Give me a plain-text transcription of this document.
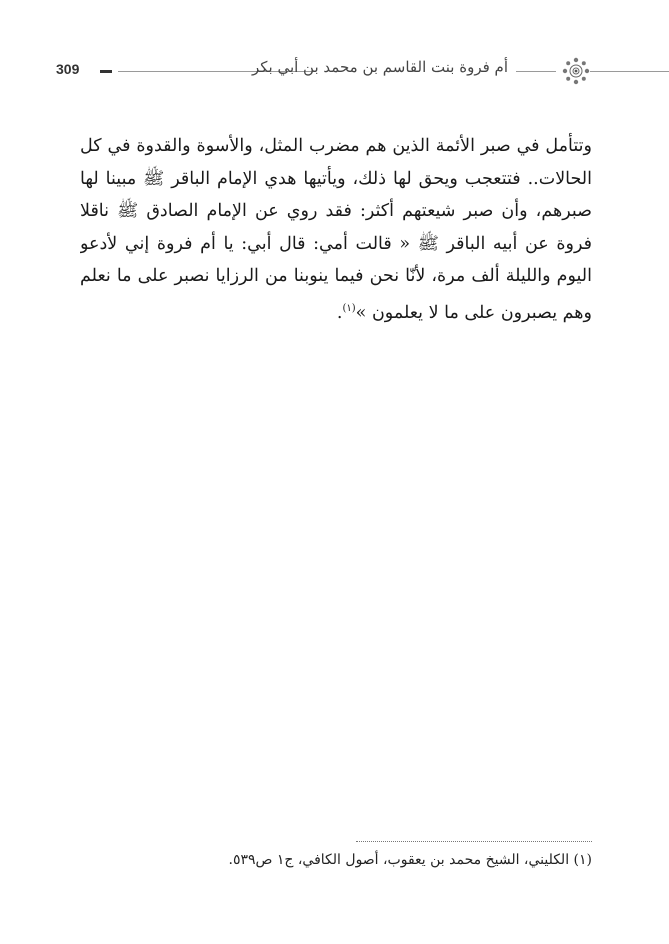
309	أم فروة بنت القاسم بن محمد بن أبي بكر
وتتأمل في صبر الأئمة الذين هم مضرب المثل، والأسوة والقدوة في كل
الحالات.. فتتعجب ويحق لها ذلك، ويأتيها هدي الإمام الباقر ﷺ مبينا لها
صبرهم، وأن صبر شيعتهم أكثر: فقد روي عن الإمام الصادق ﷺ ناقلا
فروة عن أبيه الباقر ﷺ « قالت أمي: قال أبي: يا أم فروة إني لأدعو
اليوم والليلة ألف مرة، لأنّا نحن فيما ينوبنا من الرزايا نصبر على ما نعلم
وهم يصبرون على ما لا يعلمون »$^{(١)}$.
(١) الكليني، الشيخ محمد بن يعقوب، أصول الكافي، ج١ ص٥٣٩.
